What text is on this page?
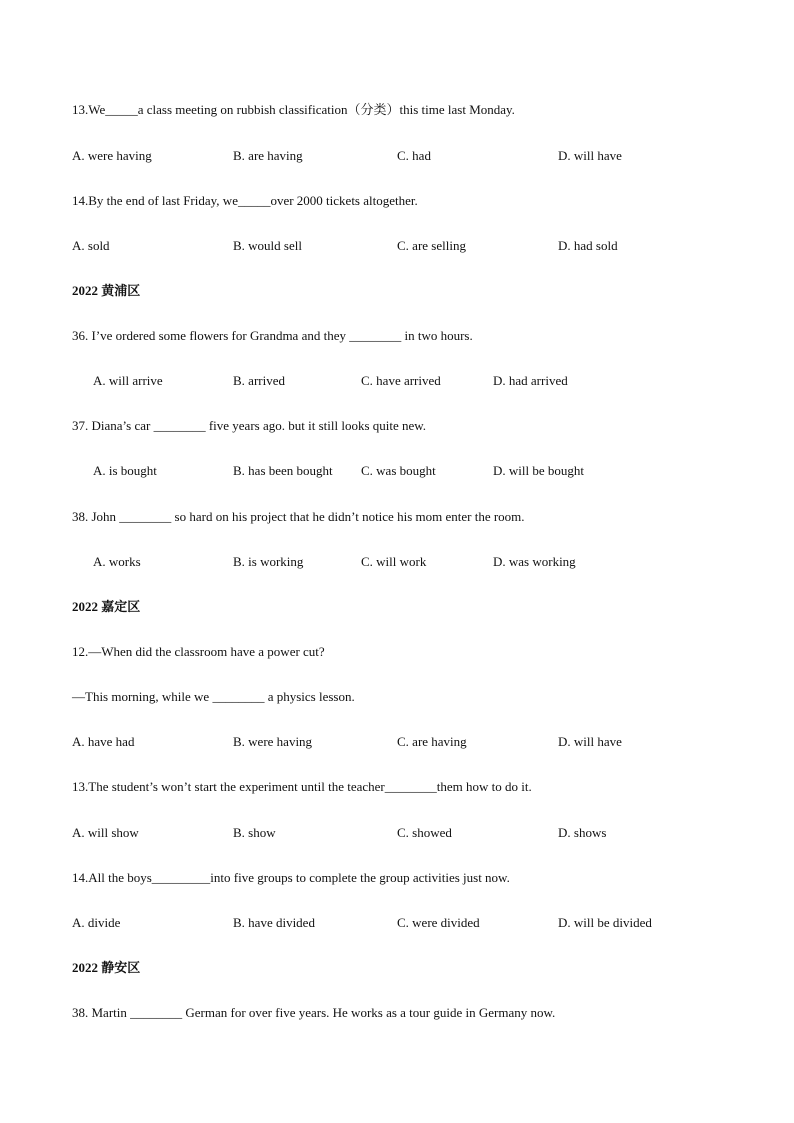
13.We_____a class meeting on rubbish classification（分类）this time last Monday.
A. were having	B. are having	C. had	D. will have
14.By the end of last Friday, we_____over 2000 tickets altogether.
A. sold	B. would sell	C. are selling	D. had sold
2022 黄浦区
36. I’ve ordered some flowers for Grandma and they ________ in two hours.
A. will arrive	B. arrived	C. have arrived	D. had arrived
37. Diana’s car ________ five years ago. but it still looks quite new.
A. is bought	B. has been bought C. was bought	D. will be bought
38. John ________ so hard on his project that he didn’t notice his mom enter the room.
A. works	B. is working	C. will work	D. was working
2022 嘉定区
12.—When did the classroom have a power cut?
—This morning, while we ________ a physics lesson.
A. have had	B. were having	C. are having	D. will have
13.The student’s won’t start the experiment until the teacher________them how to do it.
A. will show	B. show	C. showed	D. shows
14.All the boys_________into five groups to complete the group activities just now.
A. divide	B. have divided	C. were divided	D. will be divided
2022 静安区
38. Martin ________ German for over five years. He works as a tour guide in Germany now.
